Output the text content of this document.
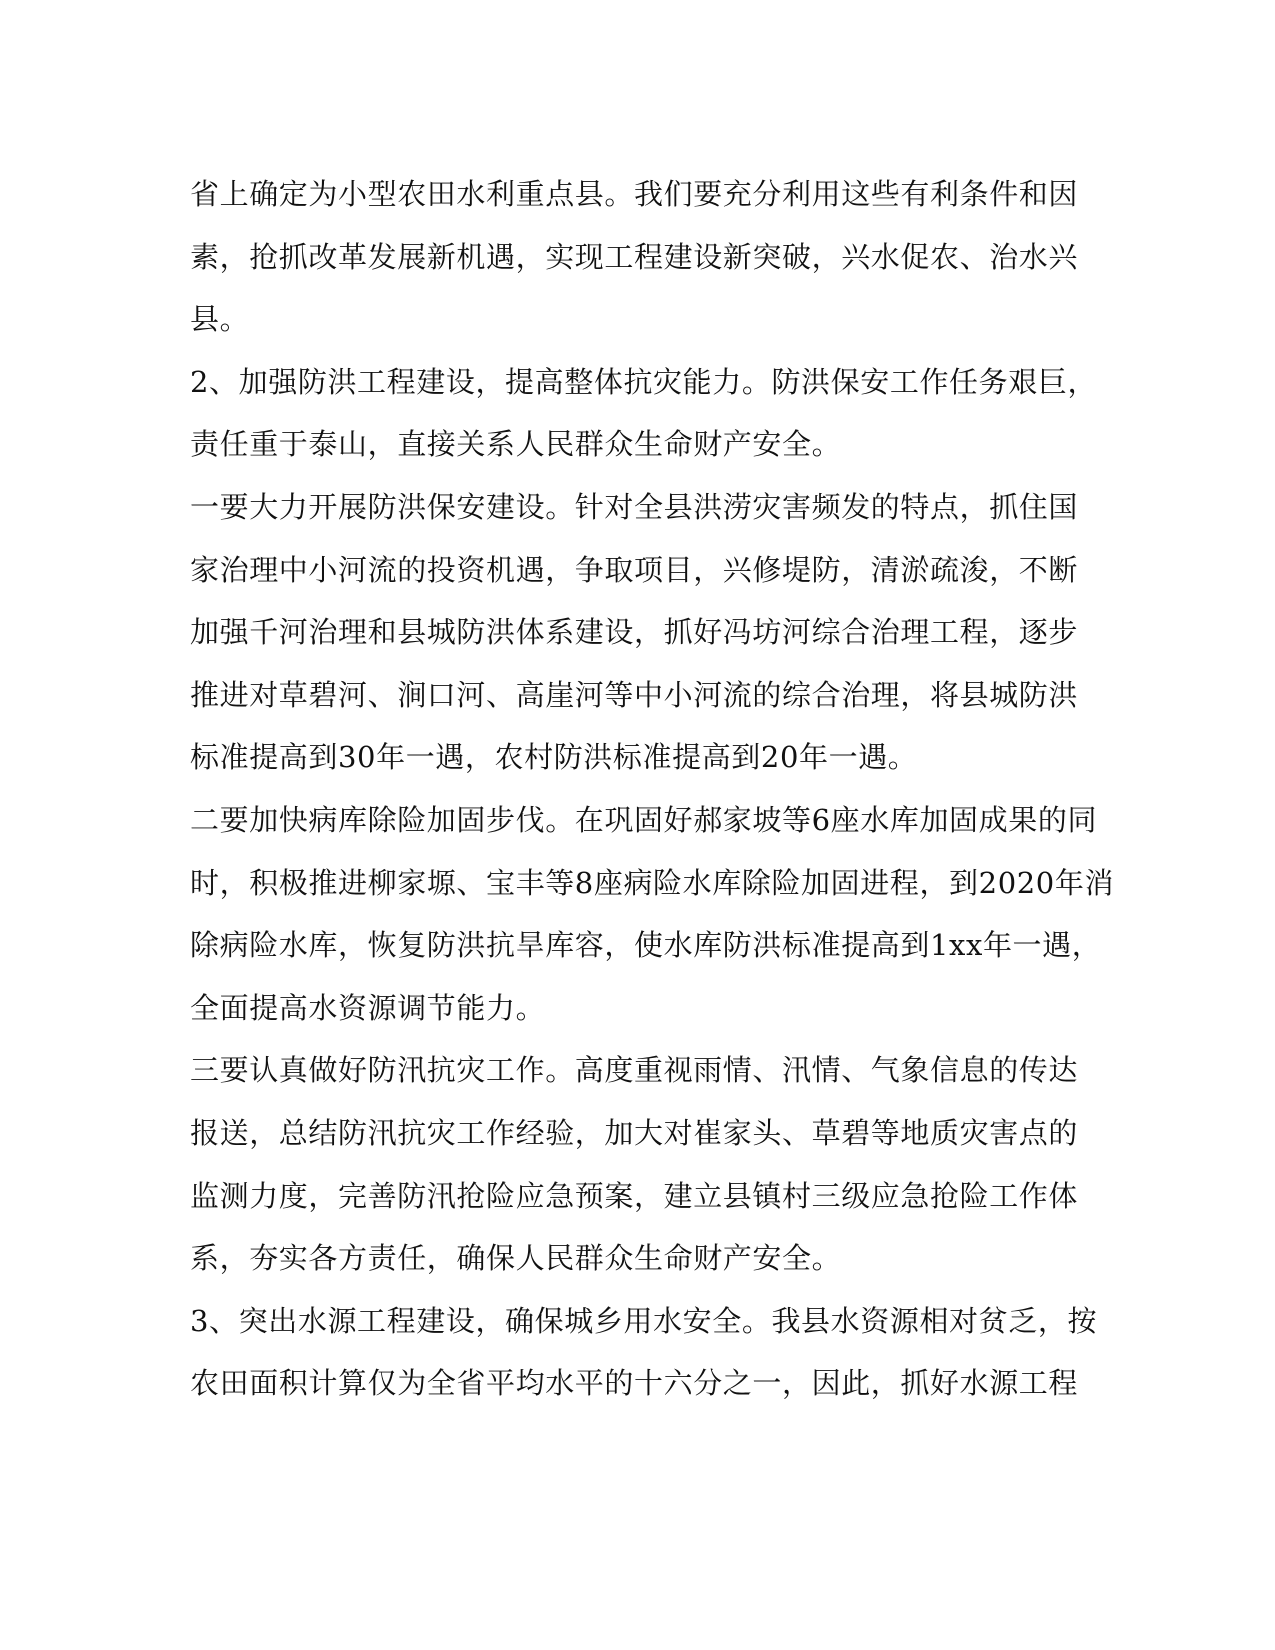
省上确定为小型农田水利重点县。我们要充分利用这些有利条件和因
素，抢抓改革发展新机遇，实现工程建设新突破，兴水促农、治水兴
县。
2、加强防洪工程建设，提高整体抗灾能力。防洪保安工作任务艰巨，
责任重于泰山，直接关系人民群众生命财产安全。
一要大力开展防洪保安建设。针对全县洪涝灾害频发的特点，抓住国
家治理中小河流的投资机遇，争取项目，兴修堤防，清淤疏浚，不断
加强千河治理和县城防洪体系建设，抓好冯坊河综合治理工程，逐步
推进对草碧河、涧口河、高崖河等中小河流的综合治理，将县城防洪
标准提高到30年一遇，农村防洪标准提高到20年一遇。
二要加快病库除险加固步伐。在巩固好郝家坡等6座水库加固成果的同
时，积极推进柳家塬、宝丰等8座病险水库除险加固进程，到2020年消
除病险水库，恢复防洪抗旱库容，使水库防洪标准提高到1xx年一遇，
全面提高水资源调节能力。
三要认真做好防汛抗灾工作。高度重视雨情、汛情、气象信息的传达
报送，总结防汛抗灾工作经验，加大对崔家头、草碧等地质灾害点的
监测力度，完善防汛抢险应急预案，建立县镇村三级应急抢险工作体
系，夯实各方责任，确保人民群众生命财产安全。
3、突出水源工程建设，确保城乡用水安全。我县水资源相对贫乏，按
农田面积计算仅为全省平均水平的十六分之一，因此，抓好水源工程
